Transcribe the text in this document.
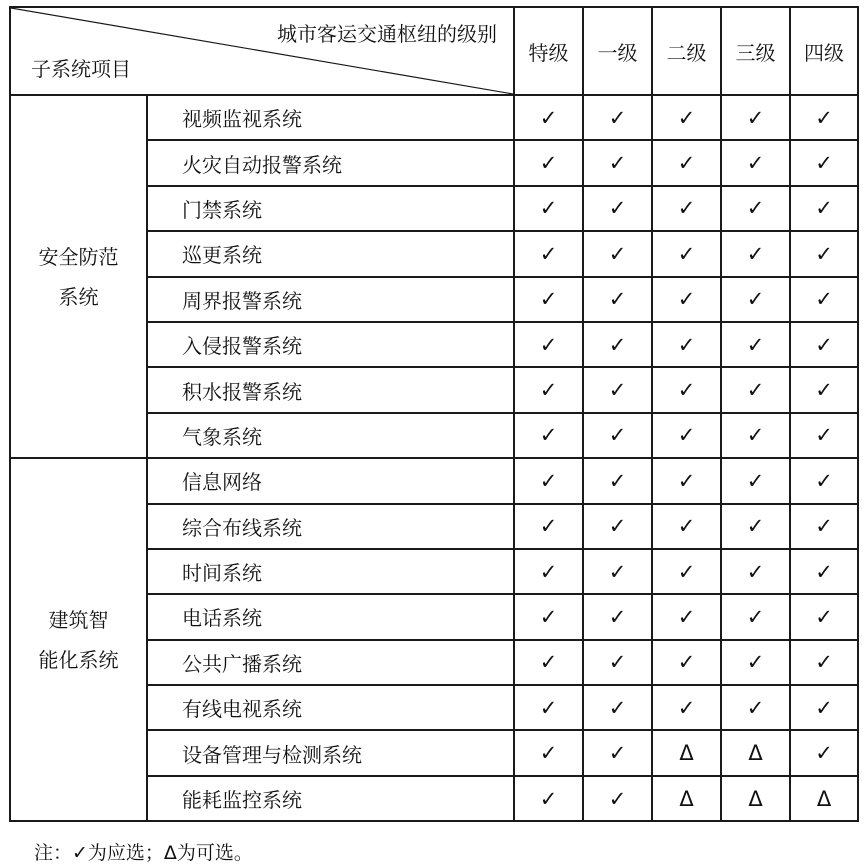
城市客运交通枢纽的级别
子系统项目		特级	一级	二级	三级	四级

安全防范
系统	视频监视系统	✓	✓	✓	✓	✓
	火灾自动报警系统	✓	✓	✓	✓	✓
	门禁系统	✓	✓	✓	✓	✓
	巡更系统	✓	✓	✓	✓	✓
	周界报警系统	✓	✓	✓	✓	✓
	入侵报警系统	✓	✓	✓	✓	✓
	积水报警系统	✓	✓	✓	✓	✓
	气象系统	✓	✓	✓	✓	✓

建筑智
能化系统	信息网络	✓	✓	✓	✓	✓
	综合布线系统	✓	✓	✓	✓	✓
	时间系统	✓	✓	✓	✓	✓
	电话系统	✓	✓	✓	✓	✓
	公共广播系统	✓	✓	✓	✓	✓
	有线电视系统	✓	✓	✓	✓	✓
	设备管理与检测系统	✓	✓	Δ	Δ	✓
	能耗监控系统	✓	✓	Δ	Δ	Δ
注：✓为应选；Δ为可选。
